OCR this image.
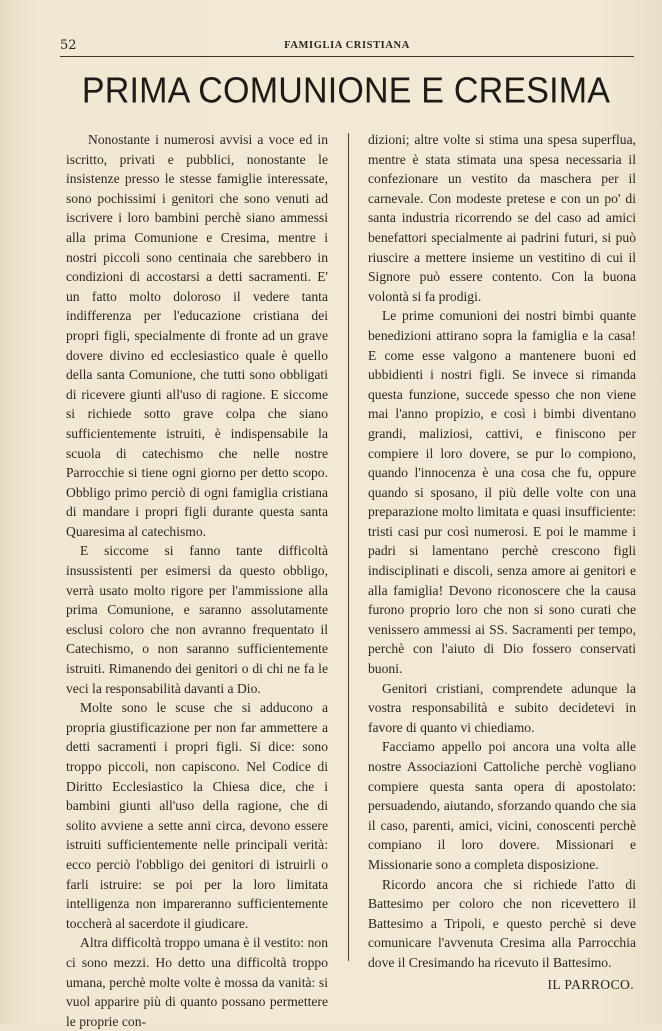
52	FAMIGLIA CRISTIANA
PRIMA COMUNIONE E CRESIMA

Nonostante i numerosi avvisi a voce ed in iscritto, privati e pubblici, nonostante le insistenze presso le stesse famiglie interessate, sono pochissimi i genitori che sono venuti ad iscrivere i loro bambini perchè siano ammessi alla prima Comunione e Cresima, mentre i nostri piccoli sono centinaia che sarebbero in condizioni di accostarsi a detti sacramenti. E' un fatto molto doloroso il vedere tanta indifferenza per l'educazione cristiana dei propri figli, specialmente di fronte ad un grave dovere divino ed ecclesiastico quale è quello della santa Comunione, che tutti sono obbligati di ricevere giunti all'uso di ragione. E siccome si richiede sotto grave colpa che siano sufficientemente istruiti, è indispensabile la scuola di catechismo che nelle nostre Parrocchie si tiene ogni giorno per detto scopo. Obbligo primo perciò di ogni famiglia cristiana di mandare i propri figli durante questa santa Quaresima al catechismo.

E siccome si fanno tante difficoltà insussistenti per esimersi da questo obbligo, verrà usato molto rigore per l'ammissione alla prima Comunione, e saranno assolutamente esclusi coloro che non avranno frequentato il Catechismo, o non saranno sufficientemente istruiti. Rimanendo dei genitori o di chi ne fa le veci la responsabilità davanti a Dio.

Molte sono le scuse che si adducono a propria giustificazione per non far ammettere a detti sacramenti i propri figli. Si dice: sono troppo piccoli, non capiscono. Nel Codice di Diritto Ecclesiastico la Chiesa dice, che i bambini giunti all'uso della ragione, che di solito avviene a sette anni circa, devono essere istruiti sufficientemente nelle principali verità: ecco perciò l'obbligo dei genitori di istruirli o farli istruire: se poi per la loro limitata intelligenza non impareranno sufficientemente toccherà al sacerdote il giudicare.

Altra difficoltà troppo umana è il vestito: non ci sono mezzi. Ho detto una difficoltà troppo umana, perchè molte volte è mossa da vanità: si vuol apparire più di quanto possano permettere le proprie con-

dizioni; altre volte si stima una spesa superflua, mentre è stata stimata una spesa necessaria il confezionare un vestito da maschera per il carnevale. Con modeste pretese e con un po' di santa industria ricorrendo se del caso ad amici benefattori specialmente ai padrini futuri, si può riuscire a mettere insieme un vestitino di cui il Signore può essere contento. Con la buona volontà si fa prodigi.

Le prime comunioni dei nostri bimbi quante benedizioni attirano sopra la famiglia e la casa! E come esse valgono a mantenere buoni ed ubbidienti i nostri figli. Se invece si rimanda questa funzione, succede spesso che non viene mai l'anno propizio, e così i bimbi diventano grandi, maliziosi, cattivi, e finiscono per compiere il loro dovere, se pur lo compiono, quando l'innocenza è una cosa che fu, oppure quando si sposano, il più delle volte con una preparazione molto limitata e quasi insufficiente: tristi casi pur così numerosi. E poi le mamme i padri si lamentano perchè crescono figli indisciplinati e discoli, senza amore ai genitori e alla famiglia! Devono riconoscere che la causa furono proprio loro che non si sono curati che venissero ammessi ai SS. Sacramenti per tempo, perchè con l'aiuto di Dio fossero conservati buoni.

Genitori cristiani, comprendete adunque la vostra responsabilità e subito decidetevi in favore di quanto vi chiediamo.

Facciamo appello poi ancora una volta alle nostre Associazioni Cattoliche perchè vogliano compiere questa santa opera di apostolato: persuadendo, aiutando, sforzando quando che sia il caso, parenti, amici, vicini, conoscenti perchè compiano il loro dovere. Missionari e Missionarie sono a completa disposizione.

Ricordo ancora che si richiede l'atto di Battesimo per coloro che non ricevettero il Battesimo a Tripoli, e questo perchè si deve comunicare l'avvenuta Cresima alla Parrocchia dove il Cresimando ha ricevuto il Battesimo.

IL PARROCO.
